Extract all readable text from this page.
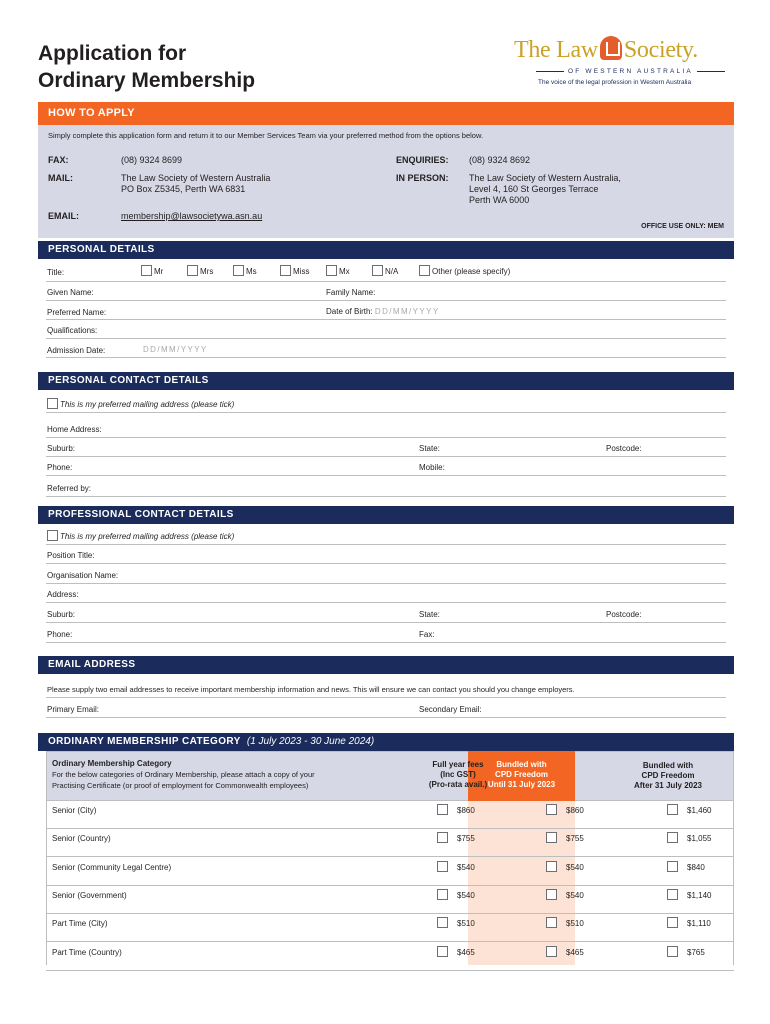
Application for
Ordinary Membership
The Law Society.
OF WESTERN AUSTRALIA
The voice of the legal profession in Western Australia
HOW TO APPLY
Simply complete this application form and return it to our Member Services Team via your preferred method from the options below.
FAX:	(08) 9324 8699
MAIL:	The Law Society of Western Australia
PO Box Z5345, Perth WA 6831
EMAIL:	membership@lawsocietywa.asn.au
ENQUIRIES: (08) 9324 8692
IN PERSON: The Law Society of Western Australia,
Level 4, 160 St Georges Terrace
Perth WA 6000
OFFICE USE ONLY: MEM
PERSONAL DETAILS
Title:	Mr	Mrs	Ms	Miss	Mx	N/A	Other (please specify)
Given Name:	Family Name:
Preferred Name:	Date of Birth: DD/MM/YYYY
Qualifications:
Admission Date:	DD/MM/YYYY
PERSONAL CONTACT DETAILS
This is my preferred mailing address (please tick)
Home Address:
Suburb:	State:	Postcode:
Phone:	Mobile:
Referred by:
PROFESSIONAL CONTACT DETAILS
This is my preferred mailing address (please tick)
Position Title:
Organisation Name:
Address:
Suburb:	State:	Postcode:
Phone:	Fax:
EMAIL ADDRESS
Please supply two email addresses to receive important membership information and news. This will ensure we can contact you should you change employers.
Primary Email:	Secondary Email:
ORDINARY MEMBERSHIP CATEGORY (1 July 2023 - 30 June 2024)
Ordinary Membership Category
For the below categories of Ordinary Membership, please attach a copy of your
Practising Certificate (or proof of employment for Commonwealth employees)
Full year fees
(Inc GST)
(Pro-rata avail.)
Bundled with
CPD Freedom
Until 31 July 2023
Bundled with
CPD Freedom
After 31 July 2023
Senior (City)	$860	$860	$1,460
Senior (Country)	$755	$755	$1,055
Senior (Community Legal Centre)	$540	$540	$840
Senior (Government)	$540	$540	$1,140
Part Time (City)	$510	$510	$1,110
Part Time (Country)	$465	$465	$765
